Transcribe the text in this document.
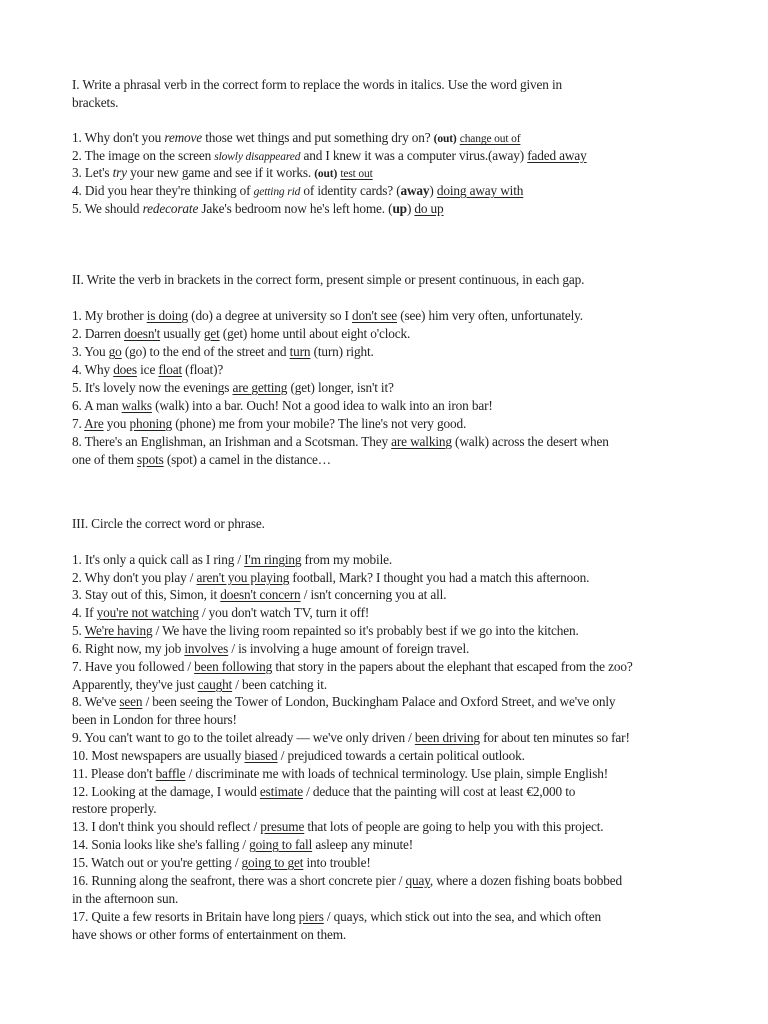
I. Write a phrasal verb in the correct form to replace the words in italics. Use the word given in
brackets.
1. Why don't you remove those wet things and put something dry on? (out) change out of
2. The image on the screen slowly disappeared and I knew it was a computer virus.(away) faded away
3. Let's try your new game and see if it works. (out) test out
4. Did you hear they're thinking of getting rid of identity cards? (away) doing away with
5. We should redecorate Jake's bedroom now he's left home. (up) do up
II. Write the verb in brackets in the correct form, present simple or present continuous, in each gap.
1. My brother is doing (do) a degree at university so I don't see (see) him very often, unfortunately.
2. Darren doesn't usually get (get) home until about eight o'clock.
3. You go (go) to the end of the street and turn (turn) right.
4. Why does ice float (float)?
5. It's lovely now the evenings are getting (get) longer, isn't it?
6. A man walks (walk) into a bar. Ouch! Not a good idea to walk into an iron bar!
7. Are you phoning (phone) me from your mobile? The line's not very good.
8. There's an Englishman, an Irishman and a Scotsman. They are walking (walk) across the desert when
one of them spots (spot) a camel in the distance…
III. Circle the correct word or phrase.
1. It's only a quick call as I ring / I'm ringing from my mobile.
2. Why don't you play / aren't you playing football, Mark? I thought you had a match this afternoon.
3. Stay out of this, Simon, it doesn't concern / isn't concerning you at all.
4. If you're not watching / you don't watch TV, turn it off!
5. We're having / We have the living room repainted so it's probably best if we go into the kitchen.
6. Right now, my job involves / is involving a huge amount of foreign travel.
7. Have you followed / been following that story in the papers about the elephant that escaped from the zoo?
Apparently, they've just caught / been catching it.
8. We've seen / been seeing the Tower of London, Buckingham Palace and Oxford Street, and we've only
been in London for three hours!
9. You can't want to go to the toilet already — we've only driven / been driving for about ten minutes so far!
10. Most newspapers are usually biased / prejudiced towards a certain political outlook.
11. Please don't baffle / discriminate me with loads of technical terminology. Use plain, simple English!
12. Looking at the damage, I would estimate / deduce that the painting will cost at least €2,000 to
restore properly.
13. I don't think you should reflect / presume that lots of people are going to help you with this project.
14. Sonia looks like she's falling / going to fall asleep any minute!
15. Watch out or you're getting / going to get into trouble!
16. Running along the seafront, there was a short concrete pier / quay, where a dozen fishing boats bobbed
in the afternoon sun.
17. Quite a few resorts in Britain have long piers / quays, which stick out into the sea, and which often
have shows or other forms of entertainment on them.
